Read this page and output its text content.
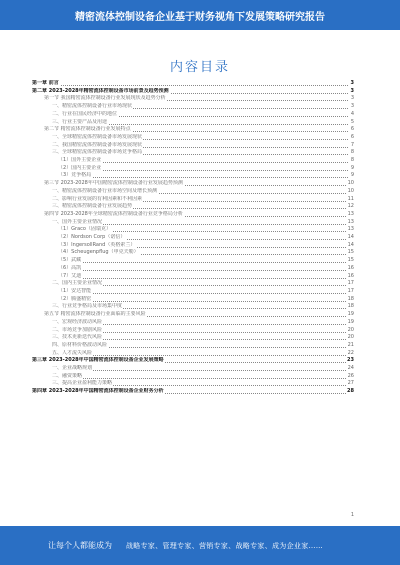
精密流体控制设备企业基于财务视角下发展策略研究报告
内容目录
第一章 前言	3
第二章 2023-2028年精密流体控制设备市场前景及趋势预测	3
第一节 我国精密流体控制设备行业发展现状及趋势分析	3
一、精密流体控制设备行业市场现状	3
二、行业在国民经济中的地位	4
三、行业主要产品及用途	5
第二节 精密流体控制设备行业发展特点	6
一、全球精密流体控制设备市场发展现状	6
二、我国精密流体控制设备市场发展现状	7
三、全球精密流体控制设备市场竞争格局	8
（1）国外主要企业	8
（2）国内主要企业	9
（3）竞争格局	9
第三节 2023-2028年中国精密流体控制设备行业发展趋势预测	10
一、精密流体控制设备行业市场空间及增长预测	10
二、影响行业发展的有利因素和不利因素	11
三、精密流体控制设备行业发展趋势	12
第四节 2023-2028年全球精密流体控制设备行业竞争格局分析	13
一、国外主要企业情况	13
（1）Graco（固瑞克）	13
（2）Nordson Corp（诺信）	14
（3）IngersollRand（英格索兰）	14
（4）Scheugenpflug（申克夫勒）	15
（5）武藏	15
（6）高凯	16
（7）艾迪	16
二、国内主要企业情况	17
（1）安达智能	17
（2）腾盛精密	18
三、行业竞争格局及市场集中度	18
第五节 精密流体控制设备行业面临的主要风险	19
一、宏观经济波动风险	19
二、市场竞争加剧风险	20
三、技术更新迭代风险	20
四、原材料价格波动风险	21
五、人才流失风险	22
第三章 2023-2028年中国精密流体控制设备企业发展策略	23
一、企业战略规划	24
二、融资策略	26
三、提高企业盈利能力策略	27
第四章 2023-2028年中国精密流体控制设备企业财务分析	28
1
让每个人都能成为 战略专家、管理专家、营销专家、战略专家、成为企业家……
